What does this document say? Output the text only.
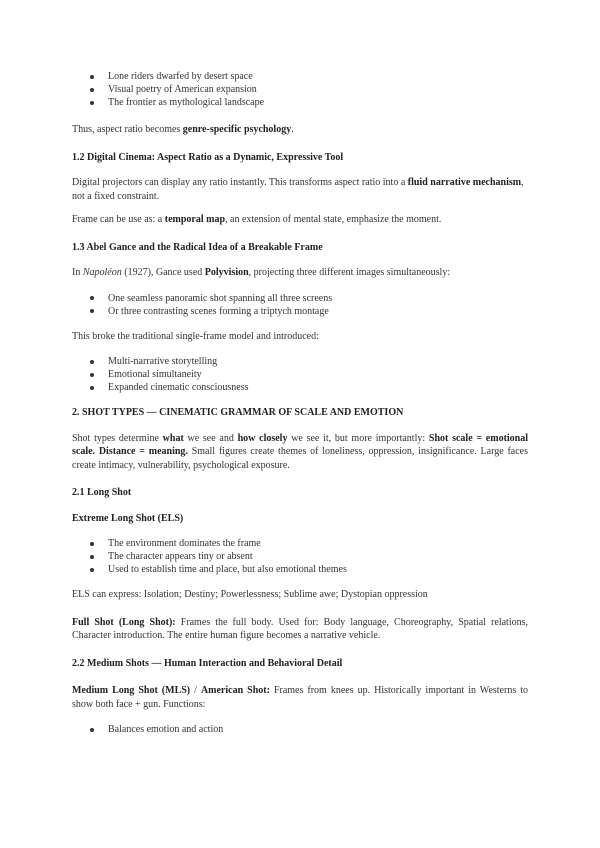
Lone riders dwarfed by desert space
Visual poetry of American expansion
The frontier as mythological landscape

Thus, aspect ratio becomes genre-specific psychology.

1.2 Digital Cinema: Aspect Ratio as a Dynamic, Expressive Tool

Digital projectors can display any ratio instantly. This transforms aspect ratio into a fluid narrative mechanism, not a fixed constraint.

Frame can be use as: a temporal map, an extension of mental state, emphasize the moment.

1.3 Abel Gance and the Radical Idea of a Breakable Frame

In Napoléon (1927), Gance used Polyvision, projecting three different images simultaneously:

One seamless panoramic shot spanning all three screens
Or three contrasting scenes forming a triptych montage

This broke the traditional single-frame model and introduced:

Multi-narrative storytelling
Emotional simultaneity
Expanded cinematic consciousness

2. SHOT TYPES — CINEMATIC GRAMMAR OF SCALE AND EMOTION

Shot types determine what we see and how closely we see it, but more importantly: Shot scale = emotional scale. Distance = meaning. Small figures create themes of loneliness, oppression, insignificance. Large faces create intimacy, vulnerability, psychological exposure.

2.1 Long Shot

Extreme Long Shot (ELS)

The environment dominates the frame
The character appears tiny or absent
Used to establish time and place, but also emotional themes

ELS can express: Isolation; Destiny; Powerlessness; Sublime awe; Dystopian oppression

Full Shot (Long Shot): Frames the full body. Used for: Body language, Choreography, Spatial relations, Character introduction. The entire human figure becomes a narrative vehicle.

2.2 Medium Shots — Human Interaction and Behavioral Detail

Medium Long Shot (MLS) / American Shot: Frames from knees up. Historically important in Westerns to show both face + gun. Functions:

Balances emotion and action
